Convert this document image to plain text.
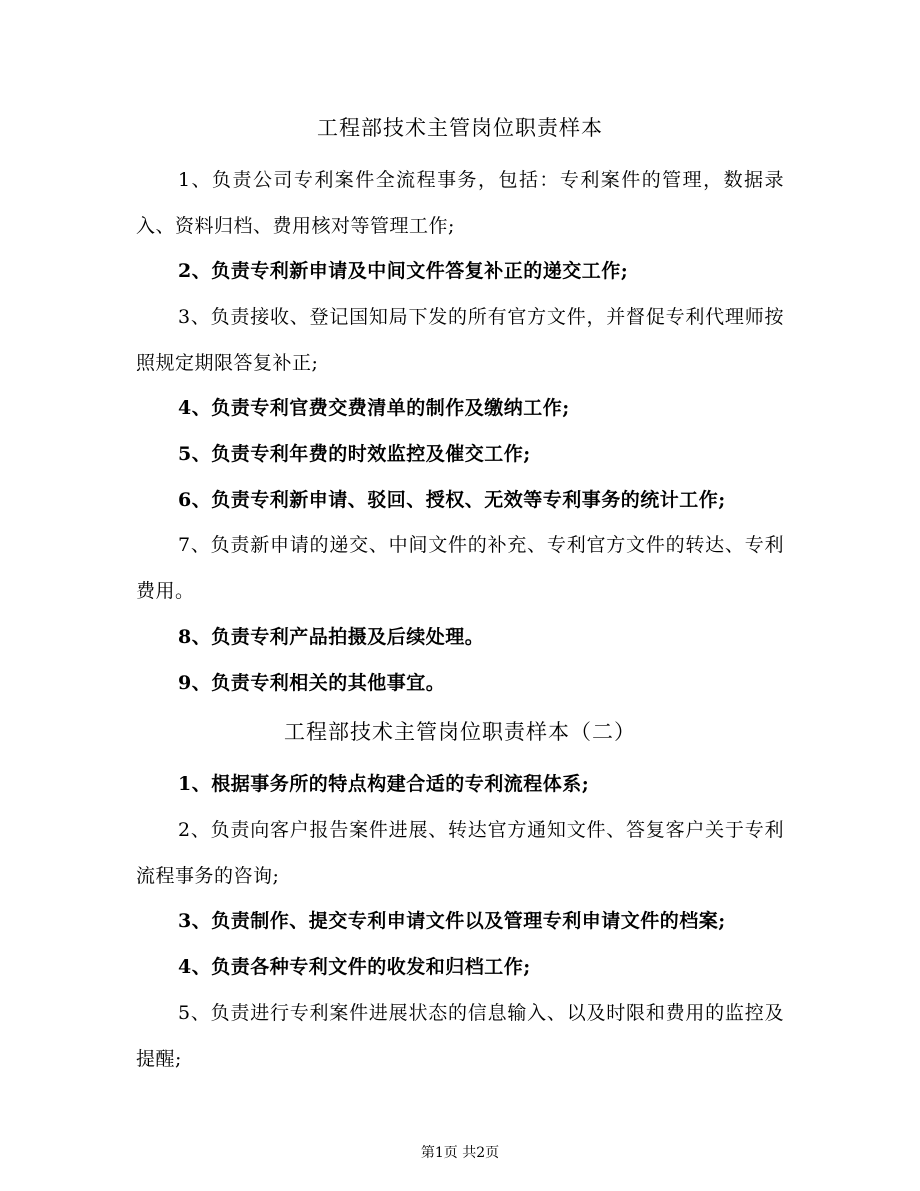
工程部技术主管岗位职责样本

1、负责公司专利案件全流程事务，包括：专利案件的管理，数据录入、资料归档、费用核对等管理工作;

2、负责专利新申请及中间文件答复补正的递交工作;

3、负责接收、登记国知局下发的所有官方文件，并督促专利代理师按照规定期限答复补正;

4、负责专利官费交费清单的制作及缴纳工作;

5、负责专利年费的时效监控及催交工作;

6、负责专利新申请、驳回、授权、无效等专利事务的统计工作;

7、负责新申请的递交、中间文件的补充、专利官方文件的转达、专利费用。

8、负责专利产品拍摄及后续处理。

9、负责专利相关的其他事宜。

工程部技术主管岗位职责样本（二）

1、根据事务所的特点构建合适的专利流程体系;

2、负责向客户报告案件进展、转达官方通知文件、答复客户关于专利流程事务的咨询;

3、负责制作、提交专利申请文件以及管理专利申请文件的档案;

4、负责各种专利文件的收发和归档工作;

5、负责进行专利案件进展状态的信息输入、以及时限和费用的监控及提醒;

第1页 共2页
